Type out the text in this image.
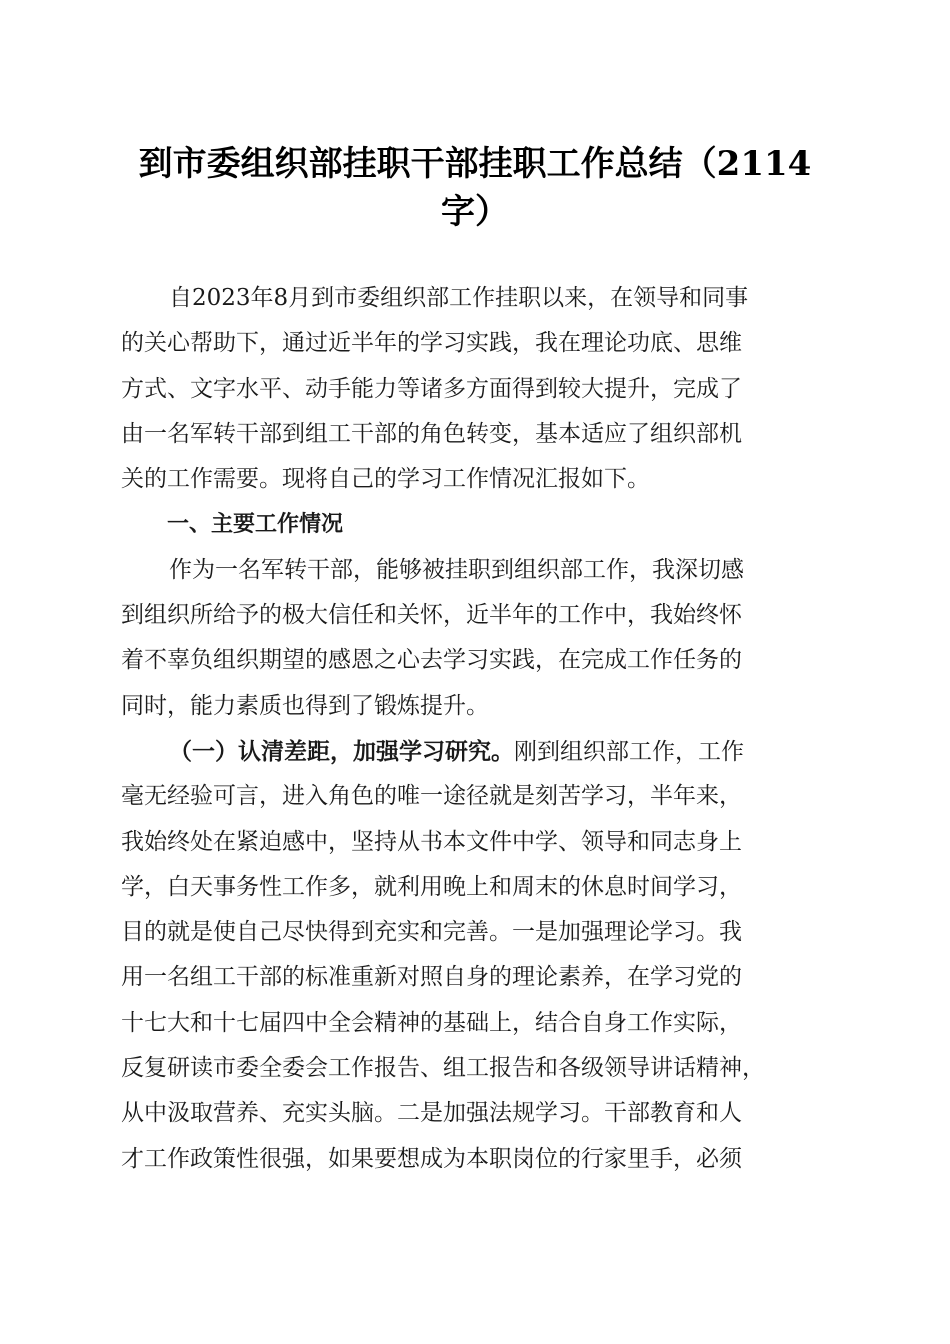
到市委组织部挂职干部挂职工作总结（2114
字）
自2023年8月到市委组织部工作挂职以来，在领导和同事
的关心帮助下，通过近半年的学习实践，我在理论功底、思维
方式、文字水平、动手能力等诸多方面得到较大提升，完成了
由一名军转干部到组工干部的角色转变，基本适应了组织部机
关的工作需要。现将自己的学习工作情况汇报如下。
一、主要工作情况
作为一名军转干部，能够被挂职到组织部工作，我深切感
到组织所给予的极大信任和关怀，近半年的工作中，我始终怀
着不辜负组织期望的感恩之心去学习实践，在完成工作任务的
同时，能力素质也得到了锻炼提升。
（一）认清差距，加强学习研究。刚到组织部工作，工作
毫无经验可言，进入角色的唯一途径就是刻苦学习，半年来，
我始终处在紧迫感中，坚持从书本文件中学、领导和同志身上
学，白天事务性工作多，就利用晚上和周末的休息时间学习，
目的就是使自己尽快得到充实和完善。一是加强理论学习。我
用一名组工干部的标准重新对照自身的理论素养，在学习党的
十七大和十七届四中全会精神的基础上，结合自身工作实际，
反复研读市委全委会工作报告、组工报告和各级领导讲话精神，
从中汲取营养、充实头脑。二是加强法规学习。干部教育和人
才工作政策性很强，如果要想成为本职岗位的行家里手，必须
